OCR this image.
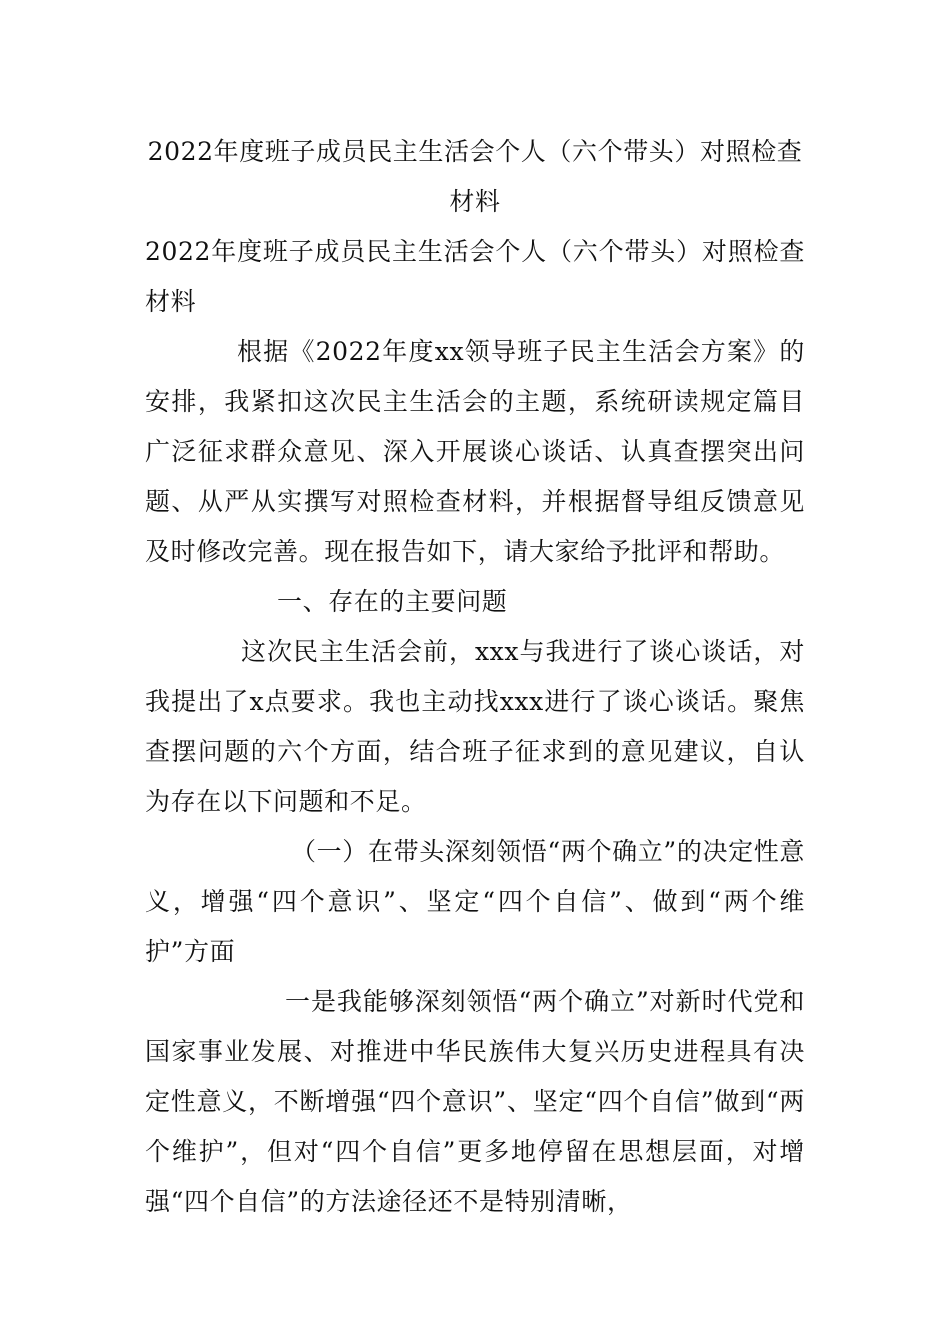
2022年度班子成员民主生活会个人（六个带头）对照检查材料

2022年度班子成员民主生活会个人（六个带头）对照检查材料

根据《2022年度xx领导班子民主生活会方案》的安排，我紧扣这次民主生活会的主题，系统研读规定篇目广泛征求群众意见、深入开展谈心谈话、认真查摆突出问题、从严从实撰写对照检查材料，并根据督导组反馈意见及时修改完善。现在报告如下，请大家给予批评和帮助。

一、存在的主要问题

这次民主生活会前，xxx与我进行了谈心谈话，对我提出了x点要求。我也主动找xxx进行了谈心谈话。聚焦查摆问题的六个方面，结合班子征求到的意见建议，自认为存在以下问题和不足。

（一）在带头深刻领悟“两个确立”的决定性意义，增强“四个意识”、坚定“四个自信”、做到“两个维护”方面

一是我能够深刻领悟“两个确立”对新时代党和国家事业发展、对推进中华民族伟大复兴历史进程具有决定性意义，不断增强“四个意识”、坚定“四个自信”做到“两个维护”，但对“四个自信”更多地停留在思想层面，对增强“四个自信”的方法途径还不是特别清晰，
